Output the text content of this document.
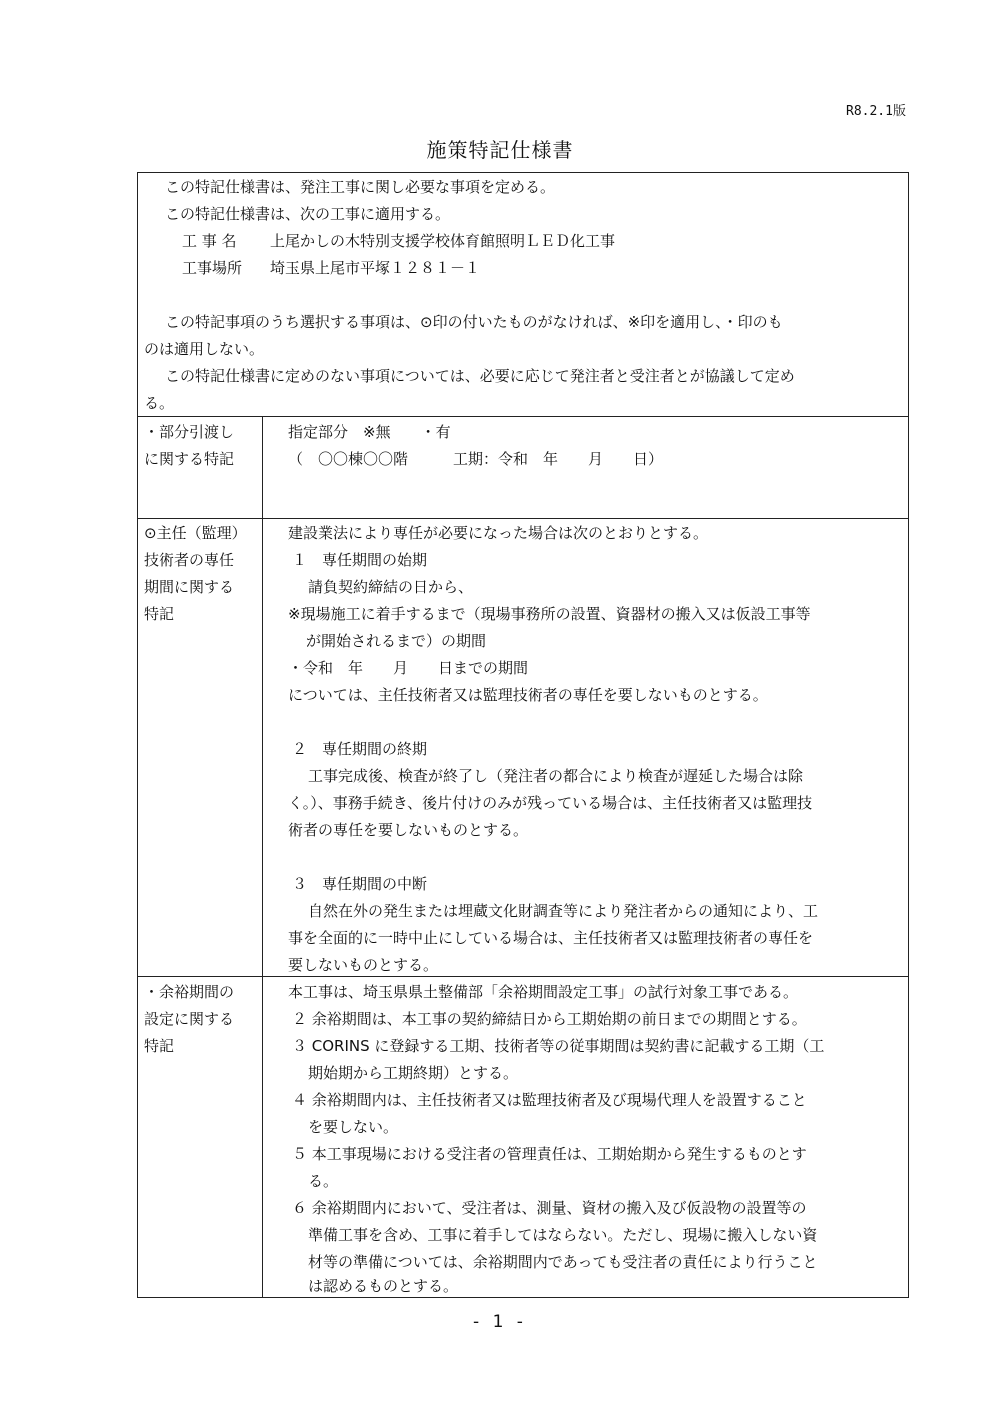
R8.2.1版
施策特記仕様書
この特記仕様書は、発注工事に関し必要な事項を定める。
この特記仕様書は、次の工事に適用する。
工 事 名 上尾かしの木特別支援学校体育館照明ＬＥＤ化工事
工事場所 埼玉県上尾市平塚１２８１－１
この特記事項のうち選択する事項は、⊙印の付いたものがなければ、※印を適用し、・印のも
のは適用しない。
この特記仕様書に定めのない事項については、必要に応じて発注者と受注者とが協議して定め
る。
・部分引渡し
に関する特記
指定部分　※無　　・有
（　〇〇棟〇〇階　　　工期：令和　年　　月　　日）
⊙主任（監理）
技術者の専任
期間に関する
特記
建設業法により専任が必要になった場合は次のとおりとする。
１　専任期間の始期
請負契約締結の日から、
※現場施工に着手するまで（現場事務所の設置、資器材の搬入又は仮設工事等
が開始されるまで）の期間
・令和　年　　月　　日までの期間
については、主任技術者又は監理技術者の専任を要しないものとする。
２　専任期間の終期
工事完成後、検査が終了し（発注者の都合により検査が遅延した場合は除
く。）、事務手続き、後片付けのみが残っている場合は、主任技術者又は監理技
術者の専任を要しないものとする。
３　専任期間の中断
自然在外の発生または埋蔵文化財調査等により発注者からの通知により、工
事を全面的に一時中止にしている場合は、主任技術者又は監理技術者の専任を
要しないものとする。
・余裕期間の
設定に関する
特記
本工事は、埼玉県県土整備部「余裕期間設定工事」の試行対象工事である。
２ 余裕期間は、本工事の契約締結日から工期始期の前日までの期間とする。
３ CORINS に登録する工期、技術者等の従事期間は契約書に記載する工期（工
期始期から工期終期）とする。
４ 余裕期間内は、主任技術者又は監理技術者及び現場代理人を設置すること
を要しない。
５ 本工事現場における受注者の管理責任は、工期始期から発生するものとす
る。
６ 余裕期間内において、受注者は、測量、資材の搬入及び仮設物の設置等の
準備工事を含め、工事に着手してはならない。ただし、現場に搬入しない資
材等の準備については、余裕期間内であっても受注者の責任により行うこと
は認めるものとする。
- 1 -
